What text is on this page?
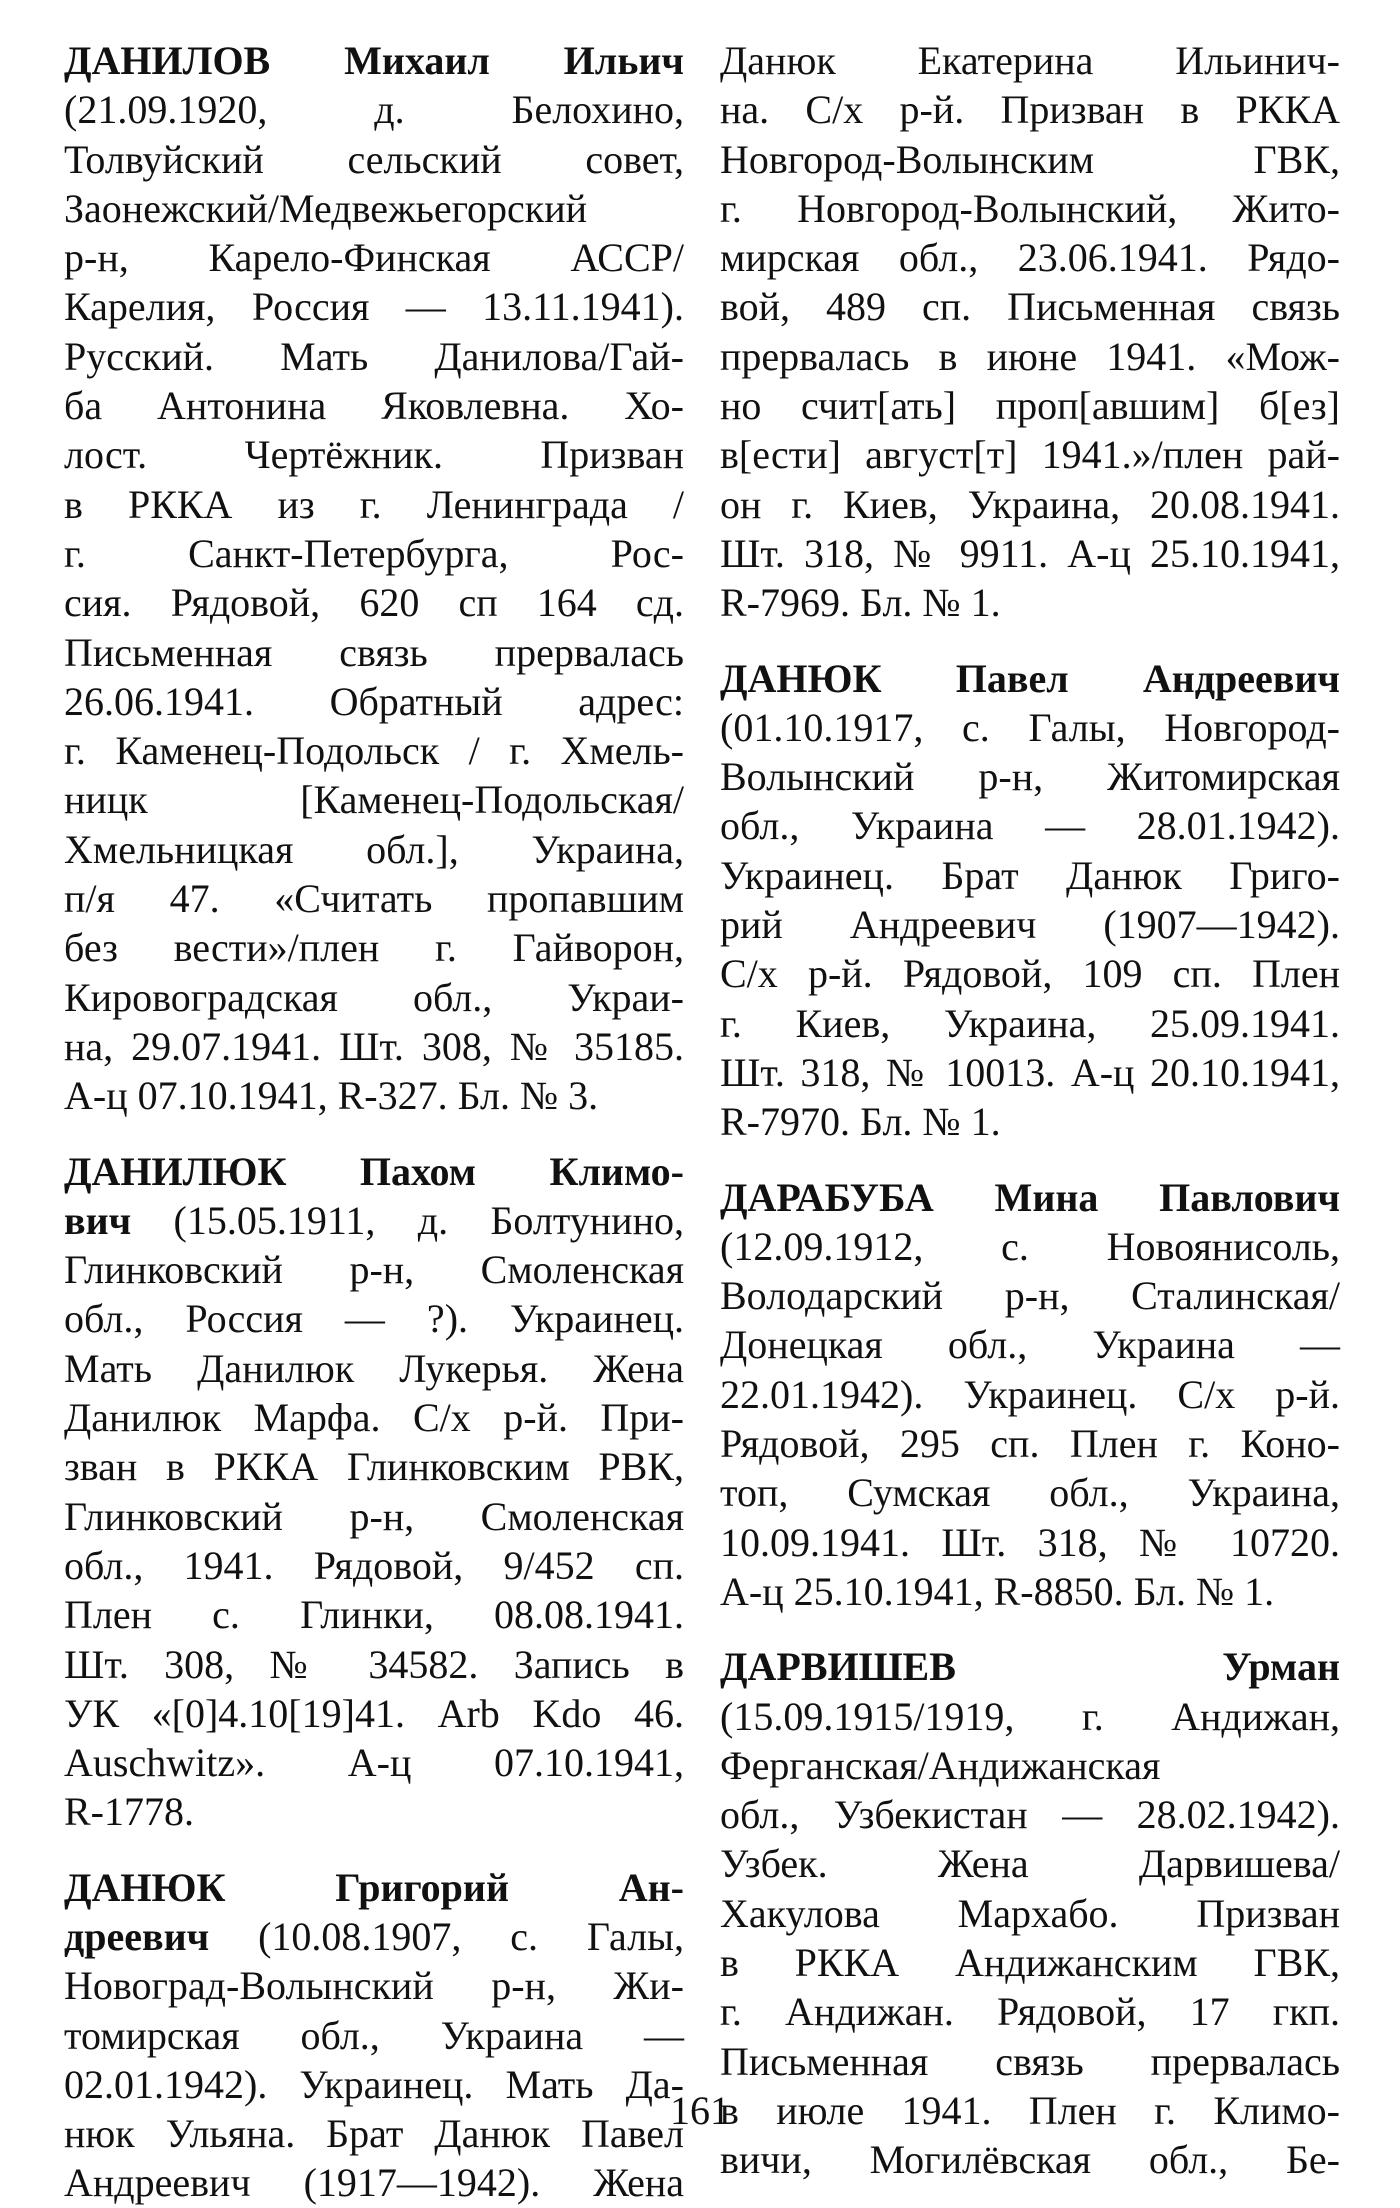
ДАНИЛОВ Михаил Ильич
(21.09.1920, д. Белохино,
Толвуйский сельский совет,
Заонежский/Медвежьегорский
р-н, Карело-Финская АССР/
Карелия, Россия — 13.11.1941).
Русский. Мать Данилова/Гай-
ба Антонина Яковлевна. Хо-
лост. Чертёжник. Призван
в РККА из г. Ленинграда /
г. Санкт-Петербурга, Рос-
сия. Рядовой, 620 сп 164 сд.
Письменная связь прервалась
26.06.1941. Обратный адрес:
г. Каменец-Подольск / г. Хмель-
ницк [Каменец-Подольская/
Хмельницкая обл.], Украина,
п/я 47. «Считать пропавшим
без вести»/плен г. Гайворон,
Кировоградская обл., Украи-
на, 29.07.1941. Шт. 308, № 35185.
А-ц 07.10.1941, R-327. Бл. № 3.
ДАНИЛЮК Пахом Климо-
вич (15.05.1911, д. Болтунино,
Глинковский р-н, Смоленская
обл., Россия — ?). Украинец.
Мать Данилюк Лукерья. Жена
Данилюк Марфа. С/х р-й. При-
зван в РККА Глинковским РВК,
Глинковский р-н, Смоленская
обл., 1941. Рядовой, 9/452 сп.
Плен с. Глинки, 08.08.1941.
Шт. 308, № 34582. Запись в
УК «[0]4.10[19]41. Arb Kdo 46.
Auschwitz». А-ц 07.10.1941,
R-1778.
ДАНЮК Григорий Ан-
дреевич (10.08.1907, с. Галы,
Новоград-Волынский р-н, Жи-
томирская обл., Украина —
02.01.1942). Украинец. Мать Да-
нюк Ульяна. Брат Данюк Павел
Андреевич (1917—1942). Жена
Данюк Екатерина Ильинич-
на. С/х р-й. Призван в РККА
Новгород-Волынским ГВК,
г. Новгород-Волынский, Жито-
мирская обл., 23.06.1941. Рядо-
вой, 489 сп. Письменная связь
прервалась в июне 1941. «Мож-
но счит[ать] проп[авшим] б[ез]
в[ести] август[т] 1941.»/плен рай-
он г. Киев, Украина, 20.08.1941.
Шт. 318, № 9911. А-ц 25.10.1941,
R-7969. Бл. № 1.
ДАНЮК Павел Андреевич
(01.10.1917, с. Галы, Новгород-
Волынский р-н, Житомирская
обл., Украина — 28.01.1942).
Украинец. Брат Данюк Григо-
рий Андреевич (1907—1942).
С/х р-й. Рядовой, 109 сп. Плен
г. Киев, Украина, 25.09.1941.
Шт. 318, № 10013. А-ц 20.10.1941,
R-7970. Бл. № 1.
ДАРАБУБА Мина Павлович
(12.09.1912, с. Новоянисоль,
Володарский р-н, Сталинская/
Донецкая обл., Украина —
22.01.1942). Украинец. С/х р-й.
Рядовой, 295 сп. Плен г. Коно-
топ, Сумская обл., Украина,
10.09.1941. Шт. 318, № 10720.
А-ц 25.10.1941, R-8850. Бл. № 1.
ДАРВИШЕВ Урман
(15.09.1915/1919, г. Андижан,
Ферганская/Андижанская
обл., Узбекистан — 28.02.1942).
Узбек. Жена Дарвишева/
Хакулова Мархабо. Призван
в РККА Андижанским ГВК,
г. Андижан. Рядовой, 17 гкп.
Письменная связь прервалась
в июле 1941. Плен г. Климо-
вичи, Могилёвская обл., Бе-
161
